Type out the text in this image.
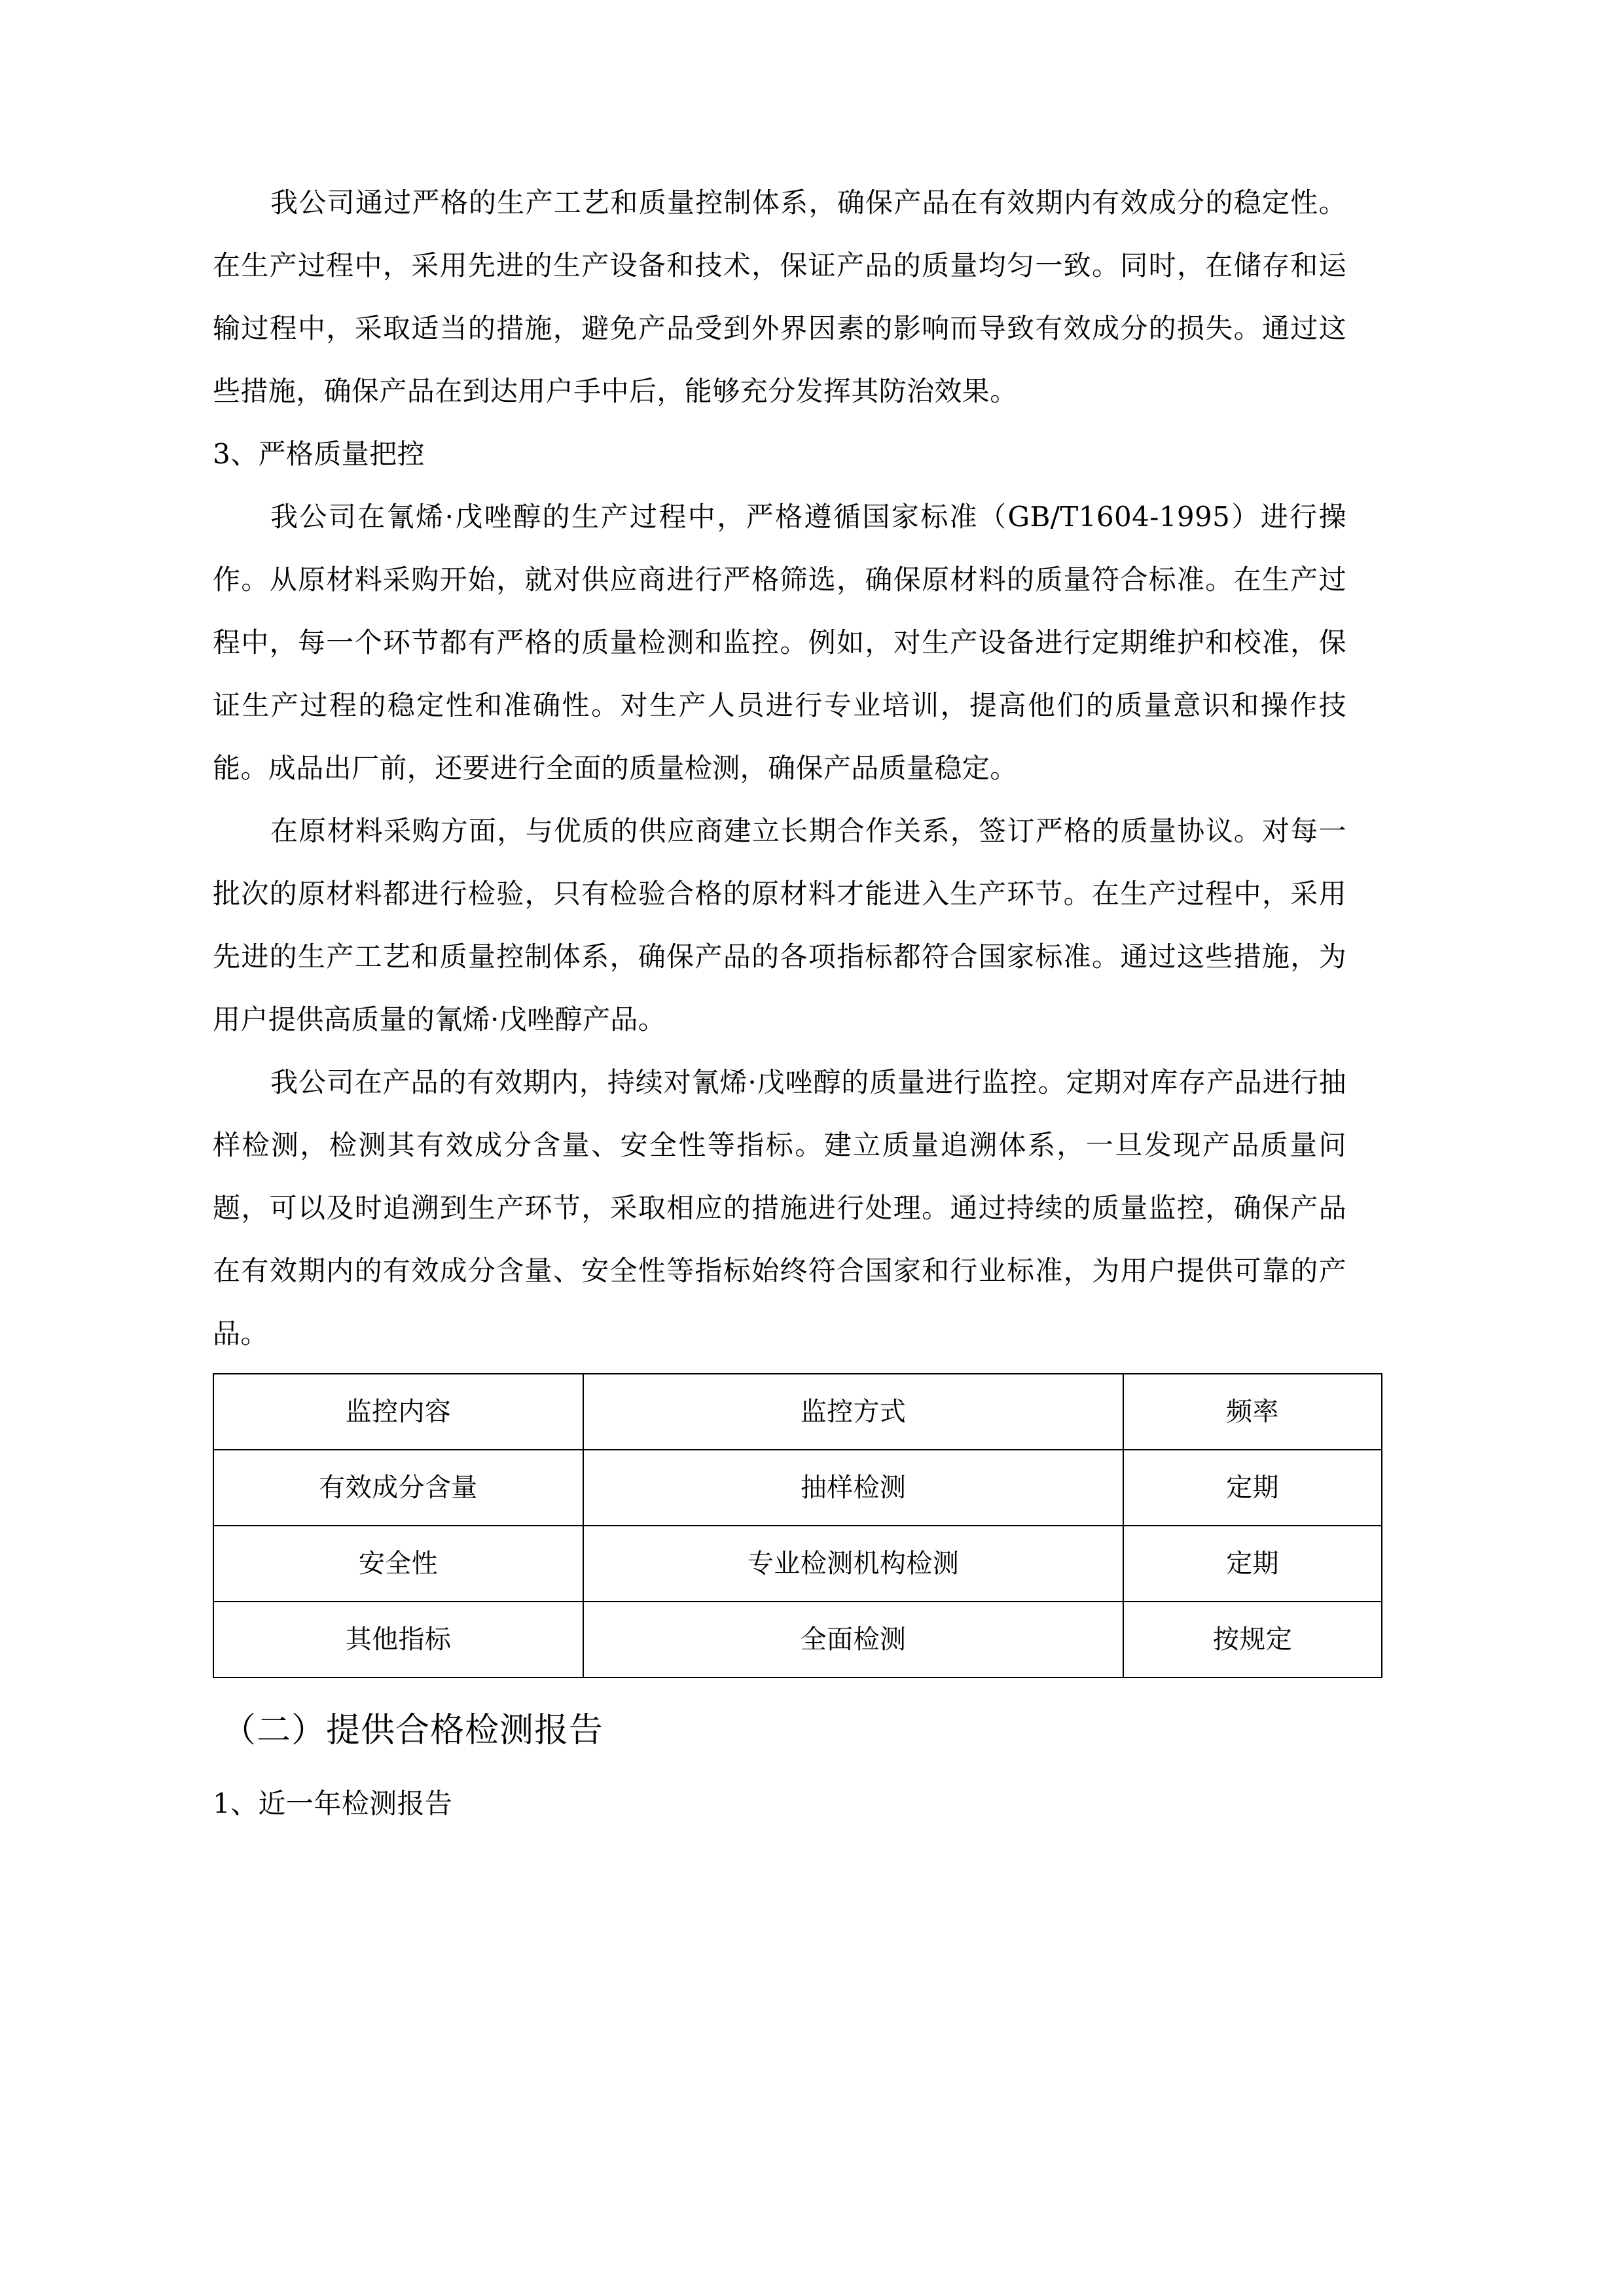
我公司通过严格的生产工艺和质量控制体系，确保产品在有效期内有效成分的稳定性。在生产过程中，采用先进的生产设备和技术，保证产品的质量均匀一致。同时，在储存和运输过程中，采取适当的措施，避免产品受到外界因素的影响而导致有效成分的损失。通过这些措施，确保产品在到达用户手中后，能够充分发挥其防治效果。

3、严格质量把控

我公司在氰烯·戊唑醇的生产过程中，严格遵循国家标准（GB/T1604-1995）进行操作。从原材料采购开始，就对供应商进行严格筛选，确保原材料的质量符合标准。在生产过程中，每一个环节都有严格的质量检测和监控。例如，对生产设备进行定期维护和校准，保证生产过程的稳定性和准确性。对生产人员进行专业培训，提高他们的质量意识和操作技能。成品出厂前，还要进行全面的质量检测，确保产品质量稳定。

在原材料采购方面，与优质的供应商建立长期合作关系，签订严格的质量协议。对每一批次的原材料都进行检验，只有检验合格的原材料才能进入生产环节。在生产过程中，采用先进的生产工艺和质量控制体系，确保产品的各项指标都符合国家标准。通过这些措施，为用户提供高质量的氰烯·戊唑醇产品。

我公司在产品的有效期内，持续对氰烯·戊唑醇的质量进行监控。定期对库存产品进行抽样检测，检测其有效成分含量、安全性等指标。建立质量追溯体系，一旦发现产品质量问题，可以及时追溯到生产环节，采取相应的措施进行处理。通过持续的质量监控，确保产品在有效期内的有效成分含量、安全性等指标始终符合国家和行业标准，为用户提供可靠的产品。

监控内容	监控方式	频率
有效成分含量	抽样检测	定期
安全性	专业检测机构检测	定期
其他指标	全面检测	按规定

（二）提供合格检测报告

1、近一年检测报告
